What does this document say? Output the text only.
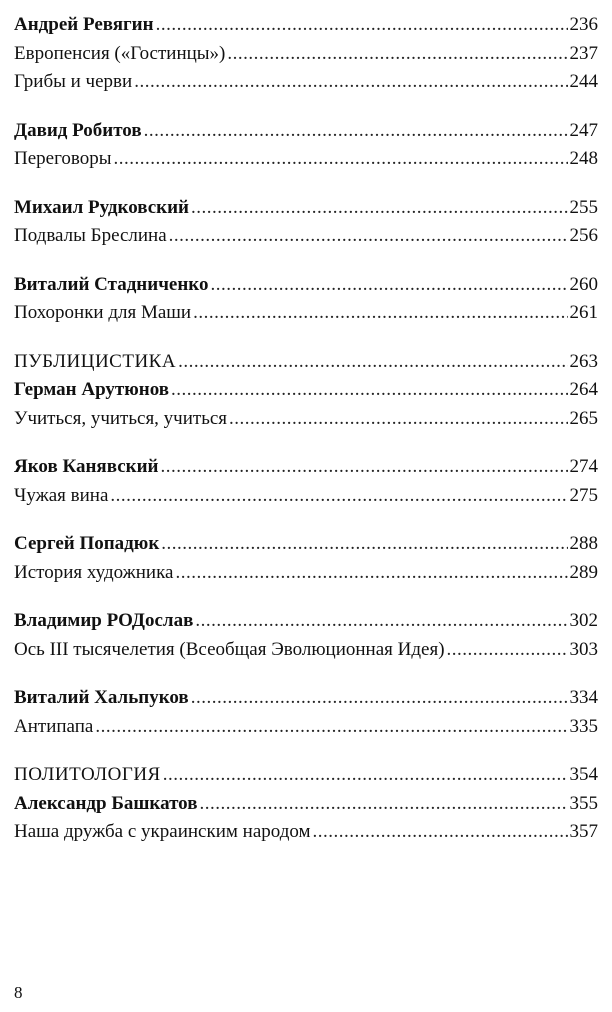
Андрей Ревягин .....	236
Европенсия («Гостинцы») .....	237
Грибы и черви .....	244
Давид Робитов .....	247
Переговоры .....	248
Михаил Рудковский .....	255
Подвалы Бреслина .....	256
Виталий Стадниченко .....	260
Похоронки для Маши .....	261
ПУБЛИЦИСТИКА .....	263
Герман Арутюнов .....	264
Учиться, учиться, учиться .....	265
Яков Канявский .....	274
Чужая вина .....	275
Сергей Попадюк .....	288
История художника .....	289
Владимир РОДослав .....	302
Ось III тысячелетия (Всеобщая Эволюционная Идея) .....	303
Виталий Хальпуков .....	334
Антипапа .....	335
ПОЛИТОЛОГИЯ .....	354
Александр Башкатов .....	355
Наша дружба с украинским народом .....	357
8
